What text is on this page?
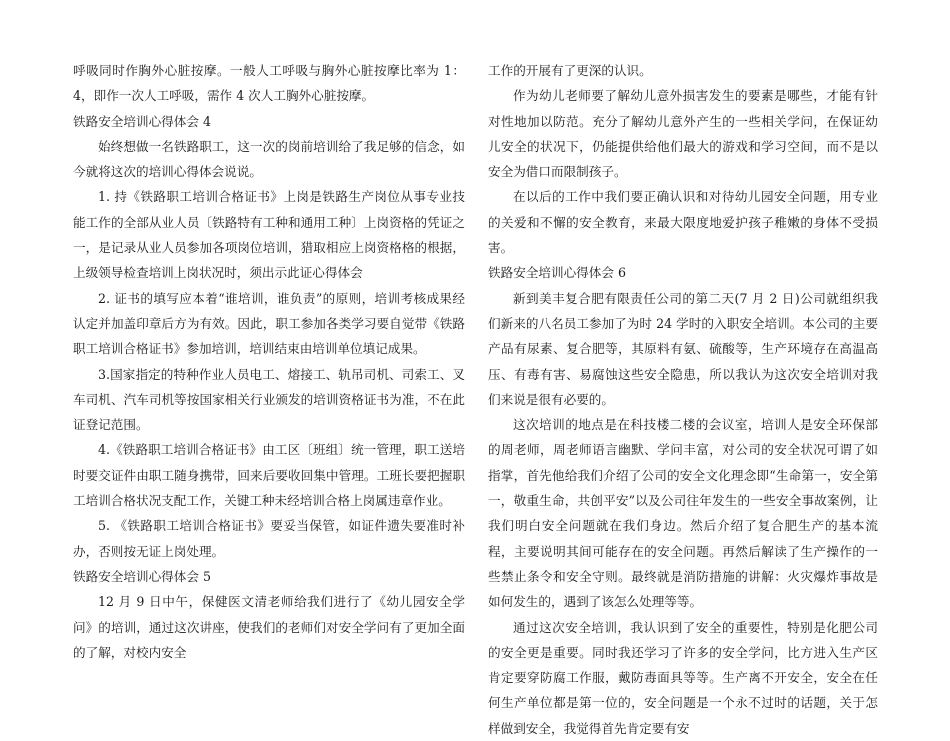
呼吸同时作胸外心脏按摩。一般人工呼吸与胸外心脏按摩比率为 1：4，即作一次人工呼吸，需作 4 次人工胸外心脏按摩。

铁路安全培训心得体会 4

始终想做一名铁路职工，这一次的岗前培训给了我足够的信念，如今就将这次的培训心得体会说说。

1. 持《铁路职工培训合格证书》上岗是铁路生产岗位从事专业技能工作的全部从业人员〔铁路特有工种和通用工种〕上岗资格的凭证之一，是记录从业人员参加各项岗位培训，猎取相应上岗资格格的根据，上级领导检查培训上岗状况时，须出示此证心得体会

2. 证书的填写应本着“谁培训，谁负责”的原则，培训考核成果经认定并加盖印章后方为有效。因此，职工参加各类学习要自觉带《铁路职工培训合格证书》参加培训，培训结束由培训单位填记成果。

3.国家指定的特种作业人员电工、熔接工、轨吊司机、司索工、叉车司机、汽车司机等按国家相关行业颁发的培训资格证书为准，不在此证登记范围。

4.《铁路职工培训合格证书》由工区〔班组〕统一管理，职工送培时要交证件由职工随身携带，回来后要收回集中管理。工班长要把握职工培训合格状况支配工作，关键工种未经培训合格上岗属违章作业。

5. 《铁路职工培训合格证书》要妥当保管，如证件遗失要准时补办，否则按无证上岗处理。

铁路安全培训心得体会 5

12 月 9 日中午，保健医文清老师给我们进行了《幼儿园安全学问》的培训，通过这次讲座，使我们的老师们对安全学问有了更加全面的了解，对校内安全

工作的开展有了更深的认识。

作为幼儿老师要了解幼儿意外损害发生的要素是哪些，才能有针对性地加以防范。充分了解幼儿意外产生的一些相关学问，在保证幼儿安全的状况下，仍能提供给他们最大的游戏和学习空间，而不是以安全为借口而限制孩子。

在以后的工作中我们要正确认识和对待幼儿园安全问题，用专业的关爱和不懈的安全教育，来最大限度地爱护孩子稚嫩的身体不受损害。

铁路安全培训心得体会 6

新到美丰复合肥有限责任公司的第二天(7 月 2 日)公司就组织我们新来的八名员工参加了为时 24 学时的入职安全培训。本公司的主要产品有尿素、复合肥等，其原料有氨、硫酸等，生产环境存在高温高压、有毒有害、易腐蚀这些安全隐患，所以我认为这次安全培训对我们来说是很有必要的。

这次培训的地点是在科技楼二楼的会议室，培训人是安全环保部的周老师，周老师语言幽默、学问丰富，对公司的安全状况可谓了如指掌，首先他给我们介绍了公司的安全文化理念即“生命第一，安全第一，敬重生命，共创平安”以及公司往年发生的一些安全事故案例，让我们明白安全问题就在我们身边。然后介绍了复合肥生产的基本流程，主要说明其间可能存在的安全问题。再然后解读了生产操作的一些禁止条令和安全守则。最终就是消防措施的讲解：火灾爆炸事故是如何发生的，遇到了该怎么处理等等。

通过这次安全培训，我认识到了安全的重要性，特别是化肥公司的安全更是重要。同时我还学习了许多的安全学问，比方进入生产区肯定要穿防腐工作服，戴防毒面具等等。生产离不开安全，安全在任何生产单位都是第一位的，安全问题是一个永不过时的话题，关于怎样做到安全，我觉得首先肯定要有安
